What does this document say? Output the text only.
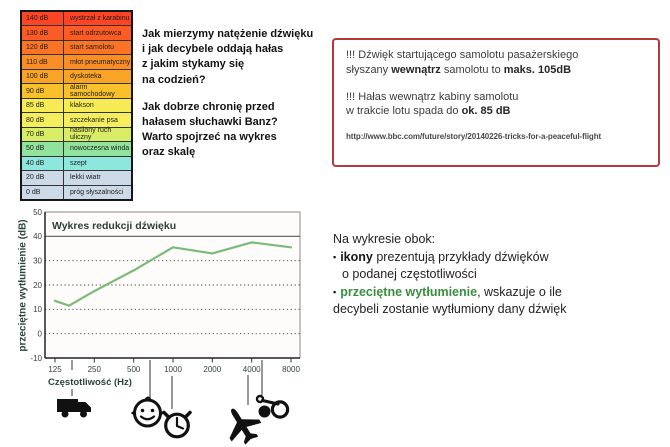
140 dB	wystrzał z karabinu
130 dB	start odrzutowca
120 dB	start samolotu
110 dB	młot pneumatyczny
100 dB	dyskoteka
90 dB	alarm samochodowy
85 dB	klakson
80 dB	szczekanie psa
70 dB	nasilony ruch uliczny
50 dB	nowoczesna winda
40 dB	szept
20 dB	lekki wiatr
0 dB	próg słyszalności
Jak mierzymy natężenie dźwięku
i jak decybele oddają hałas
z jakim stykamy się
na codzień?
Jak dobrze chronię przed
hałasem słuchawki Banz?
Warto spojrzeć na wykres
oraz skalę
!!! Dźwięk startującego samolotu pasażerskiego
słyszany wewnątrz samolotu to maks. 105dB
!!! Hałas wewnątrz kabiny samolotu
w trakcie lotu spada do ok. 85 dB
http://www.bbc.com/future/story/20140226-tricks-for-a-peaceful-flight
przeciętne wytłumienie (dB) Wykres redukcji dźwięku
50
40
30
20
10
0
-10
125	250	500	1000	2000	4000	8000
Częstotliwość (Hz)
Na wykresie obok:
▪ ikony prezentują przykłady dźwięków
o podanej częstotliwości
▪ przeciętne wytłumienie, wskazuje o ile
decybeli zostanie wytłumiony dany dźwięk
